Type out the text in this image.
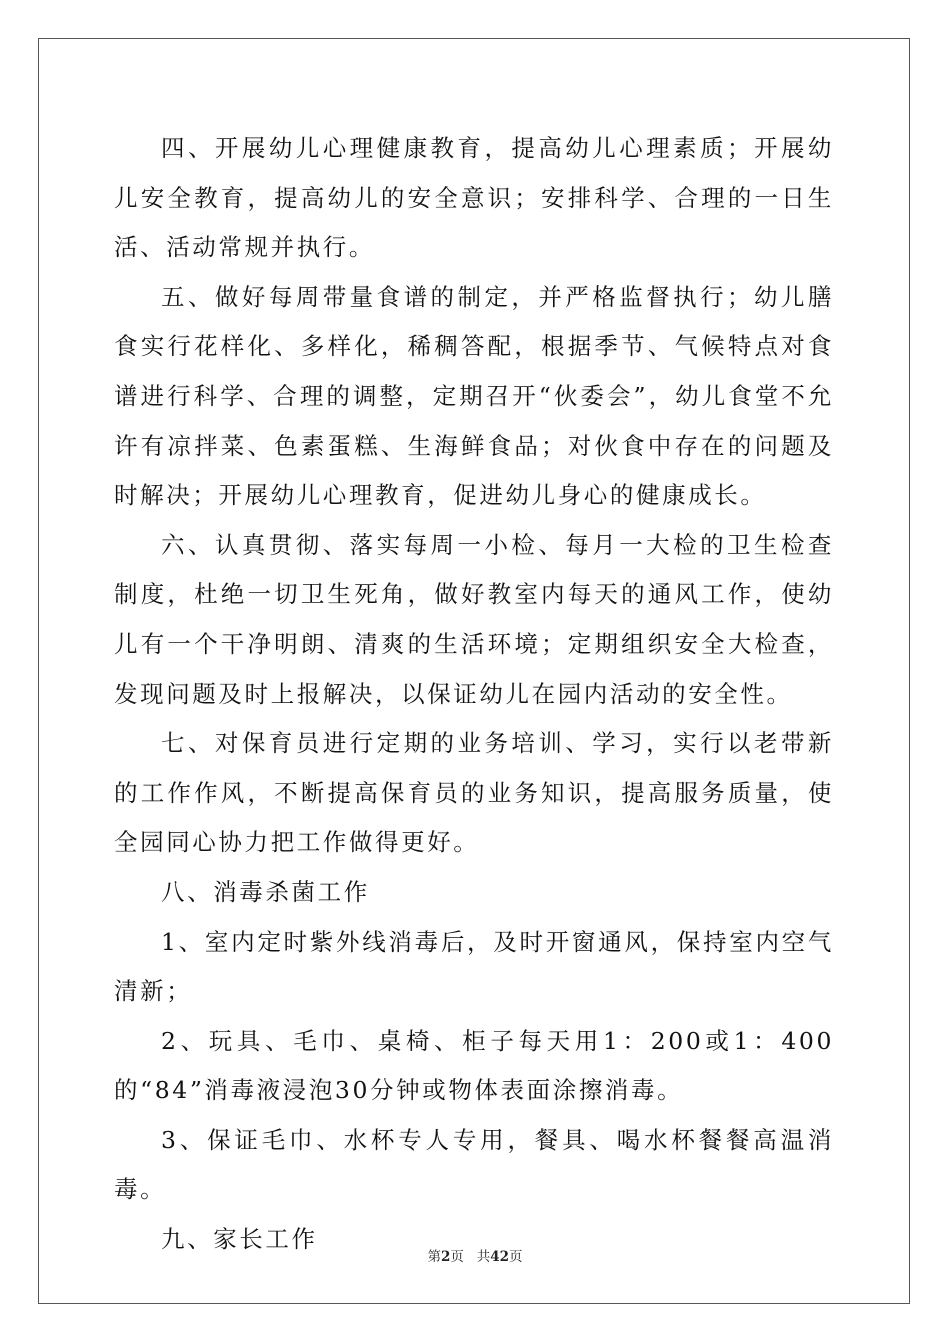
四、开展幼儿心理健康教育，提高幼儿心理素质；开展幼儿安全教育，提高幼儿的安全意识；安排科学、合理的一日生活、活动常规并执行。

五、做好每周带量食谱的制定，并严格监督执行；幼儿膳食实行花样化、多样化，稀稠答配，根据季节、气候特点对食谱进行科学、合理的调整，定期召开“伙委会”，幼儿食堂不允许有凉拌菜、色素蛋糕、生海鲜食品；对伙食中存在的问题及时解决；开展幼儿心理教育，促进幼儿身心的健康成长。

六、认真贯彻、落实每周一小检、每月一大检的卫生检查制度，杜绝一切卫生死角，做好教室内每天的通风工作，使幼儿有一个干净明朗、清爽的生活环境；定期组织安全大检查，发现问题及时上报解决，以保证幼儿在园内活动的安全性。

七、对保育员进行定期的业务培训、学习，实行以老带新的工作作风，不断提高保育员的业务知识，提高服务质量，使全园同心协力把工作做得更好。

八、消毒杀菌工作

1、室内定时紫外线消毒后，及时开窗通风，保持室内空气清新；

2、玩具、毛巾、桌椅、柜子每天用1：200或1：400的“84”消毒液浸泡30分钟或物体表面涂擦消毒。

3、保证毛巾、水杯专人专用，餐具、喝水杯餐餐高温消毒。

九、家长工作

第2页 共42页
